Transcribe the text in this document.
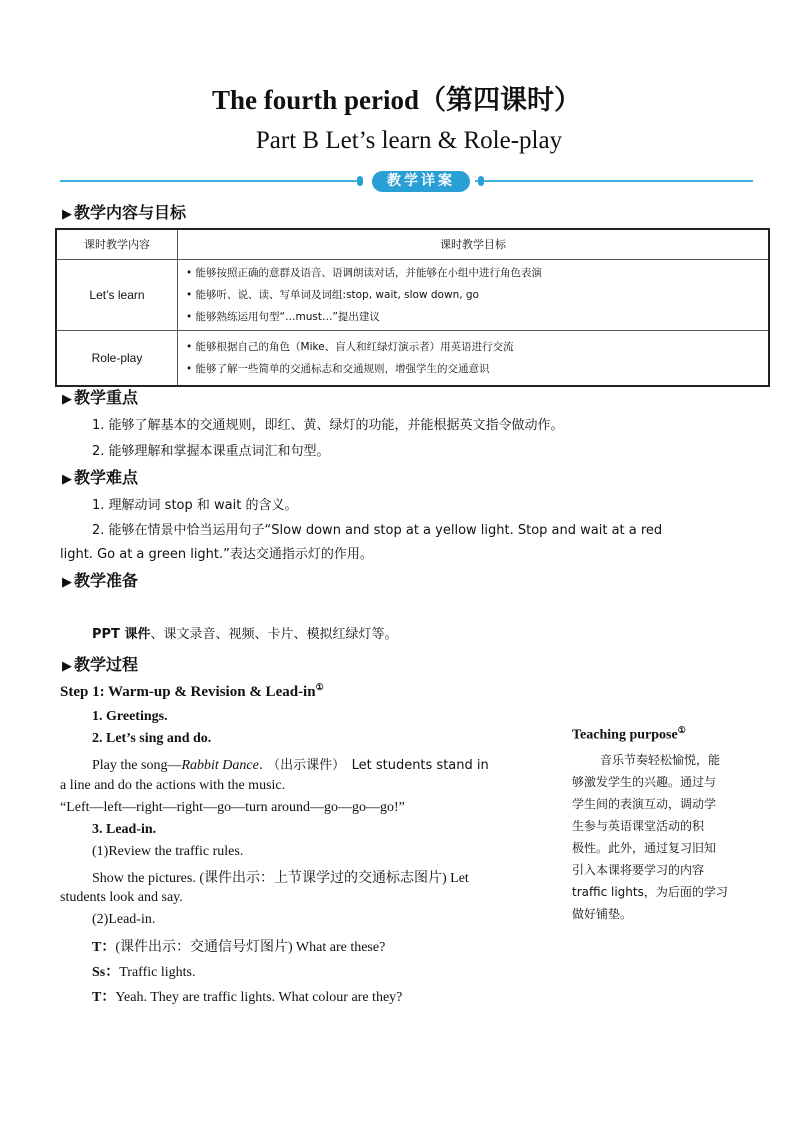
The fourth period（第四课时）
Part B Let’s learn & Role-play
教学详案
▶ 教学内容与目标
课时教学内容	课时教学目标
Let’s learn	• 能够按照正确的意群及语音、语调朗读对话，并能够在小组中进行角色表演
• 能够听、说、读、写单词及词组:stop, wait, slow down, go
• 能够熟练运用句型“…must…”提出建议

Role-play	• 能够根据自己的角色（Mike、盲人和红绿灯演示者）用英语进行交流
• 能够了解一些简单的交通标志和交通规则，增强学生的交通意识
▶ 教学重点
1. 能够了解基本的交通规则，即红、黄、绿灯的功能，并能根据英文指令做动作。
2. 能够理解和掌握本课重点词汇和句型。
▶ 教学难点
1. 理解动词 stop 和 wait 的含义。
2. 能够在情景中恰当运用句子“Slow down and stop at a yellow light. Stop and wait at a red
light. Go at a green light.”表达交通指示灯的作用。
▶ 教学准备
PPT 课件、课文录音、视频、卡片、模拟红绿灯等。
▶ 教学过程
Step 1: Warm-up & Revision & Lead-in①
1. Greetings.
2. Let’s sing and do.
Play the song—Rabbit Dance. （出示课件）　Let students stand in
a line and do the actions with the music.
“Left—left—right—right—go—turn around—go—go—go!”
3. Lead-in.
(1)Review the traffic rules.
Show the pictures. (课件出示：上节课学过的交通标志图片) Let
students look and say.
(2)Lead-in.
T：(课件出示：交通信号灯图片) What are these?
Ss：Traffic lights.
T：Yeah. They are traffic lights. What colour are they?
Teaching purpose①
音乐节奏轻松愉悦，能
够激发学生的兴趣。通过与
学生间的表演互动，调动学
生参与英语课堂活动的积
极性。此外，通过复习旧知
引入本课将要学习的内容
traffic lights，为后面的学习
做好铺垫。
